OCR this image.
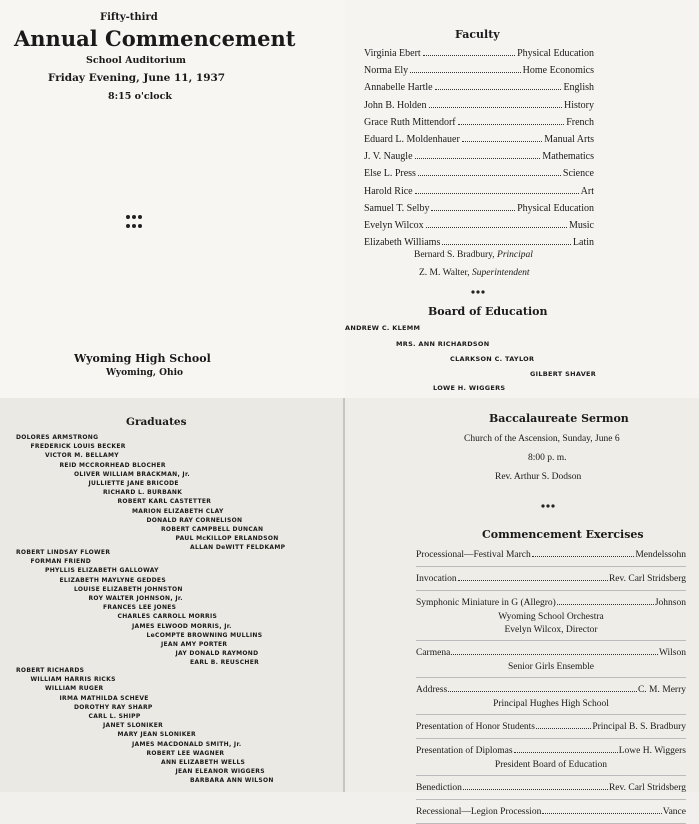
Fifty-third
Annual Commencement
School Auditorium
Friday Evening, June 11, 1937
8:15 o'clock
Wyoming High School
Wyoming, Ohio
Faculty
Virginia Ebert	Physical Education
Norma Ely	Home Economics
Annabelle Hartle	English
John B. Holden	History
Grace Ruth Mittendorf	French
Eduard L. Moldenhauer	Manual Arts
J. V. Naugle	Mathematics
Else L. Press	Science
Harold Rice	Art
Samuel T. Selby	Physical Education
Evelyn Wilcox	Music
Elizabeth Williams	Latin
Bernard S. Bradbury, Principal
Z. M. Walter, Superintendent
Board of Education
ANDREW C. KLEMM
MRS. ANN RICHARDSON
CLARKSON C. TAYLOR
GILBERT SHAVER
LOWE H. WIGGERS
Graduates
DOLORES ARMSTRONG
FREDERICK LOUIS BECKER
VICTOR M. BELLAMY
REID MCCRORHEAD BLOCHER
OLIVER WILLIAM BRACKMAN, Jr.
JULLIETTE JANE BRICODE
RICHARD L. BURBANK
ROBERT KARL CASTETTER
MARION ELIZABETH CLAY
DONALD RAY CORNELISON
ROBERT CAMPBELL DUNCAN
PAUL McKILLOP ERLANDSON
ALLAN DeWITT FELDKAMP
ROBERT LINDSAY FLOWER
FORMAN FRIEND
PHYLLIS ELIZABETH GALLOWAY
ELIZABETH MAYLYNE GEDDES
LOUISE ELIZABETH JOHNSTON
ROY WALTER JOHNSON, Jr.
FRANCES LEE JONES
CHARLES CARROLL MORRIS
JAMES ELWOOD MORRIS, Jr.
LeCOMPTE BROWNING MULLINS
JEAN AMY PORTER
JAY DONALD RAYMOND
EARL B. REUSCHER
ROBERT RICHARDS
WILLIAM HARRIS RICKS
WILLIAM RUGER
IRMA MATHILDA SCHEVE
DOROTHY RAY SHARP
CARL L. SHIPP
JANET SLONIKER
MARY JEAN SLONIKER
JAMES MACDONALD SMITH, Jr.
ROBERT LEE WAGNER
ANN ELIZABETH WELLS
JEAN ELEANOR WIGGERS
BARBARA ANN WILSON
Baccalaureate Sermon
Church of the Ascension, Sunday, June 6
8:00 p. m.
Rev. Arthur S. Dodson
Commencement Exercises
Processional—Festival March	Mendelssohn
Invocation	Rev. Carl Stridsberg
Symphonic Miniature in G (Allegro)	Johnson
Wyoming School Orchestra
Evelyn Wilcox, Director
Carmena	Wilson
Senior Girls Ensemble
Address	C. M. Merry
Principal Hughes High School
Presentation of Honor Students	Principal B. S. Bradbury
Presentation of Diplomas	Lowe H. Wiggers
President Board of Education
Benediction	Rev. Carl Stridsberg
Recessional—Legion Procession	Vance
